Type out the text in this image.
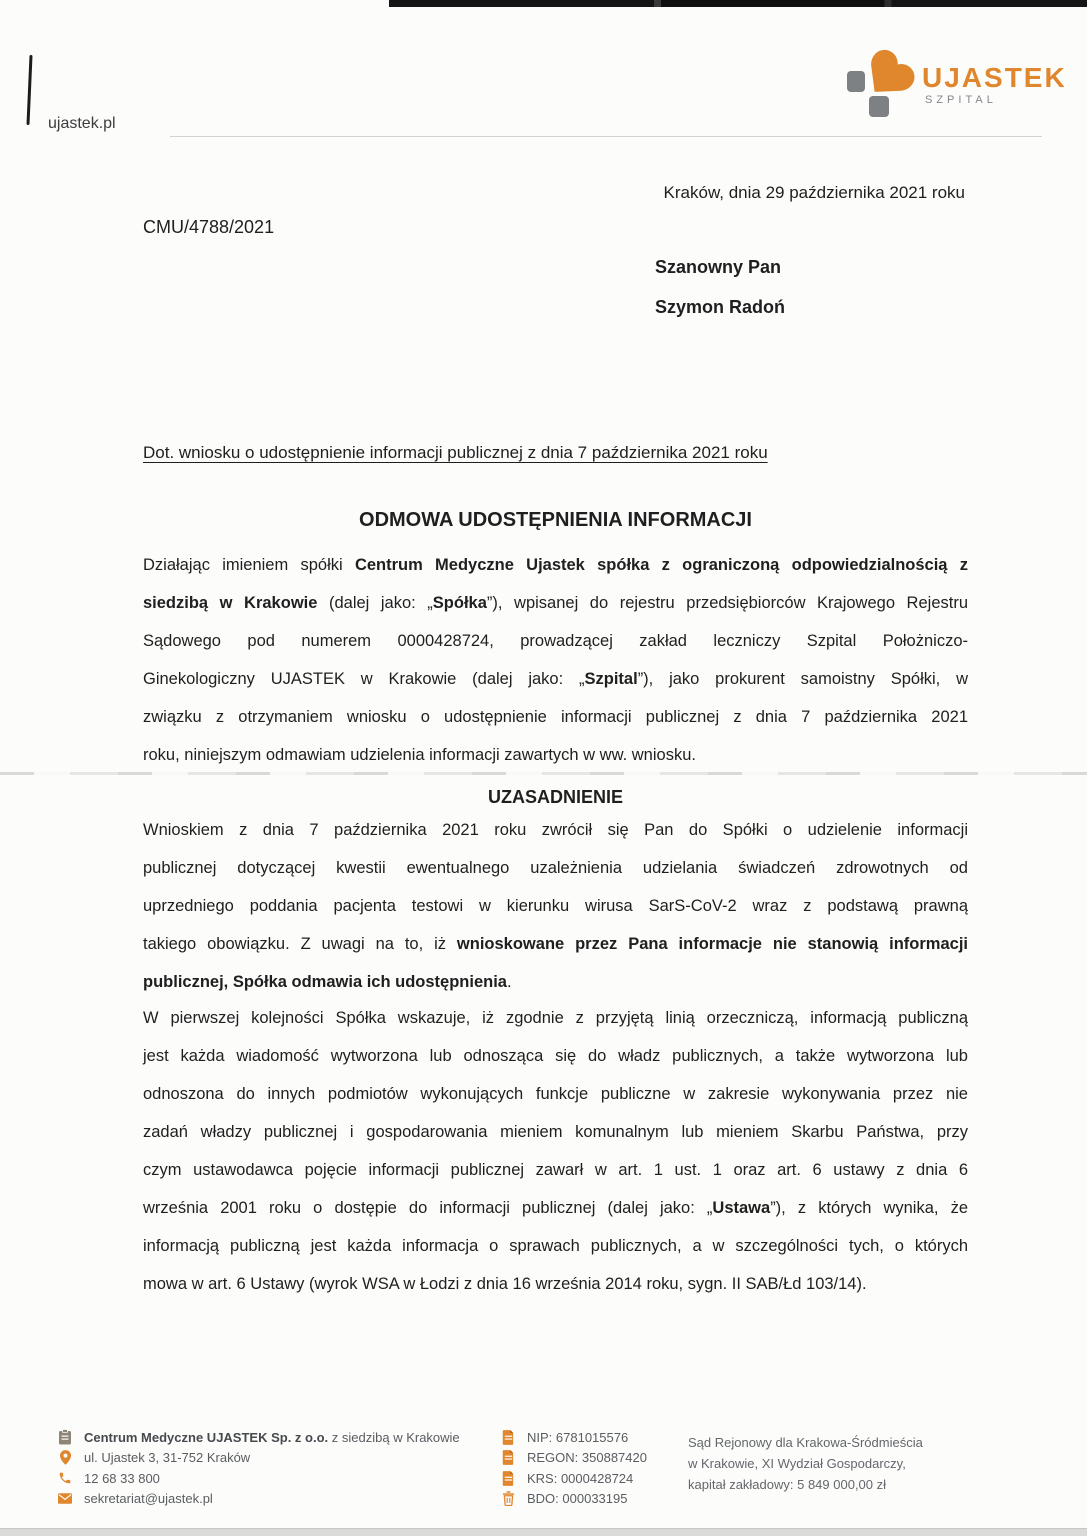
ujastek.pl
UJASTEK
SZPITAL
Kraków, dnia 29 października 2021 roku
CMU/4788/2021
Szanowny Pan
Szymon Radoń
Dot. wniosku o udostępnienie informacji publicznej z dnia 7 października 2021 roku
ODMOWA UDOSTĘPNIENIA INFORMACJI
Działając imieniem spółki Centrum Medyczne Ujastek spółka z ograniczoną odpowiedzialnością z
siedzibą w Krakowie (dalej jako: „Spółka”), wpisanej do rejestru przedsiębiorców Krajowego Rejestru
Sądowego pod numerem 0000428724, prowadzącej zakład leczniczy Szpital Położniczo-
Ginekologiczny UJASTEK w Krakowie (dalej jako: „Szpital”), jako prokurent samoistny Spółki, w
związku z otrzymaniem wniosku o udostępnienie informacji publicznej z dnia 7 października 2021
roku, niniejszym odmawiam udzielenia informacji zawartych w ww. wniosku.
UZASADNIENIE
Wnioskiem z dnia 7 października 2021 roku zwrócił się Pan do Spółki o udzielenie informacji
publicznej dotyczącej kwestii ewentualnego uzależnienia udzielania świadczeń zdrowotnych od
uprzedniego poddania pacjenta testowi w kierunku wirusa SarS-CoV-2 wraz z podstawą prawną
takiego obowiązku. Z uwagi na to, iż wnioskowane przez Pana informacje nie stanowią informacji
publicznej, Spółka odmawia ich udostępnienia.
W pierwszej kolejności Spółka wskazuje, iż zgodnie z przyjętą linią orzeczniczą, informacją publiczną
jest każda wiadomość wytworzona lub odnosząca się do władz publicznych, a także wytworzona lub
odnoszona do innych podmiotów wykonujących funkcje publiczne w zakresie wykonywania przez nie
zadań władzy publicznej i gospodarowania mieniem komunalnym lub mieniem Skarbu Państwa, przy
czym ustawodawca pojęcie informacji publicznej zawarł w art. 1 ust. 1 oraz art. 6 ustawy z dnia 6
września 2001 roku o dostępie do informacji publicznej (dalej jako: „Ustawa”), z których wynika, że
informacją publiczną jest każda informacja o sprawach publicznych, a w szczególności tych, o których
mowa w art. 6 Ustawy (wyrok WSA w Łodzi z dnia 16 września 2014 roku, sygn. II SAB/Łd 103/14).
Centrum Medyczne UJASTEK Sp. z o.o. z siedzibą w Krakowie
ul. Ujastek 3, 31-752 Kraków
12 68 33 800
sekretariat@ujastek.pl
NIP: 6781015576
REGON: 350887420
KRS: 0000428724
BDO: 000033195
Sąd Rejonowy dla Krakowa-Śródmieścia
w Krakowie, XI Wydział Gospodarczy,
kapitał zakładowy: 5 849 000,00 zł
